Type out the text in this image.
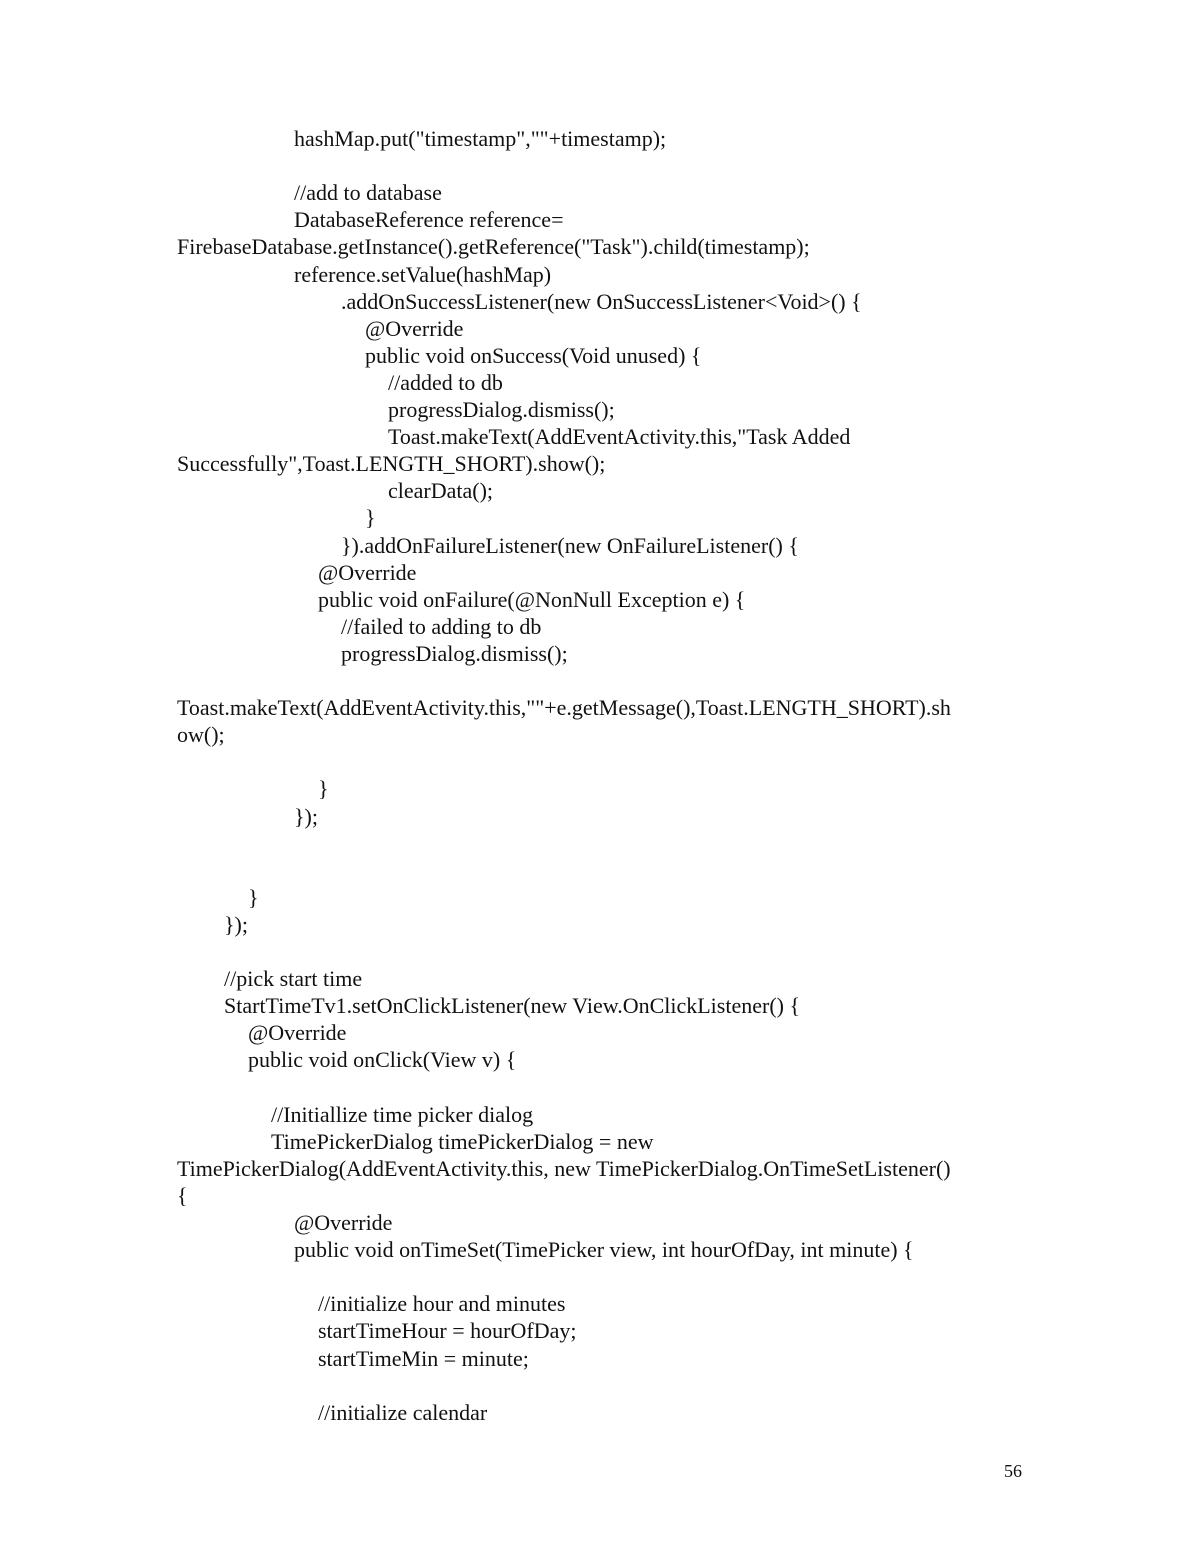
hashMap.put("timestamp",""+timestamp);
//add to database
DatabaseReference reference=
FirebaseDatabase.getInstance().getReference("Task").child(timestamp);
reference.setValue(hashMap)
.addOnSuccessListener(new OnSuccessListener<Void>() {
@Override
public void onSuccess(Void unused) {
//added to db
progressDialog.dismiss();
Toast.makeText(AddEventActivity.this,"Task Added
Successfully",Toast.LENGTH_SHORT).show();
clearData();
}
}).addOnFailureListener(new OnFailureListener() {
@Override
public void onFailure(@NonNull Exception e) {
//failed to adding to db
progressDialog.dismiss();
Toast.makeText(AddEventActivity.this,""+e.getMessage(),Toast.LENGTH_SHORT).sh
ow();
}
});
}
});
//pick start time
StartTimeTv1.setOnClickListener(new View.OnClickListener() {
@Override
public void onClick(View v) {
//Initiallize time picker dialog
TimePickerDialog timePickerDialog = new
TimePickerDialog(AddEventActivity.this, new TimePickerDialog.OnTimeSetListener()
{
@Override
public void onTimeSet(TimePicker view, int hourOfDay, int minute) {
//initialize hour and minutes
startTimeHour = hourOfDay;
startTimeMin = minute;
//initialize calendar
56
